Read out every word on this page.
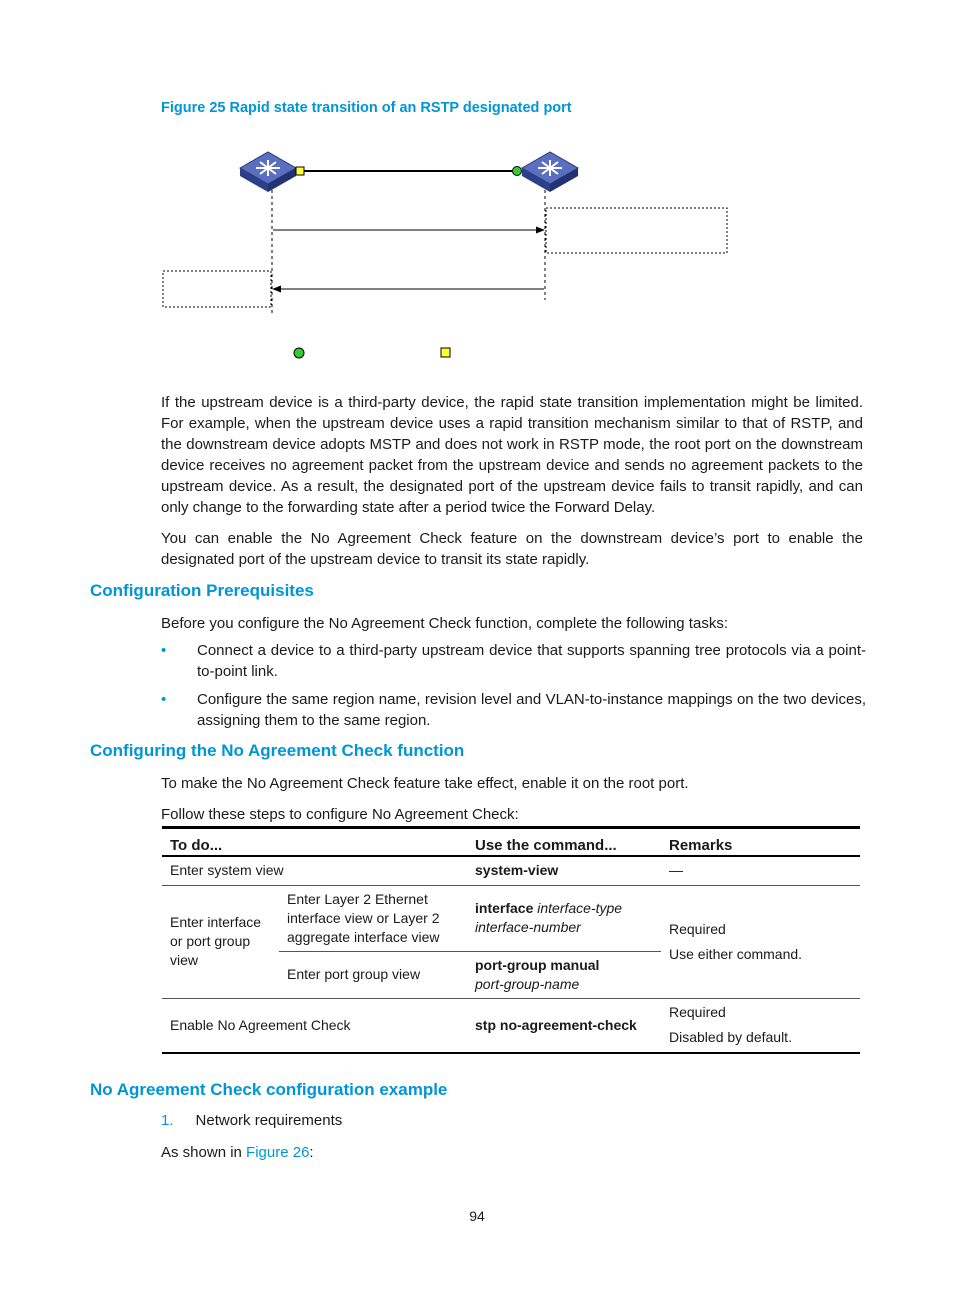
Figure 25 Rapid state transition of an RSTP designated port

If the upstream device is a third-party device, the rapid state transition implementation might be limited. For example, when the upstream device uses a rapid transition mechanism similar to that of RSTP, and the downstream device adopts MSTP and does not work in RSTP mode, the root port on the downstream device receives no agreement packet from the upstream device and sends no agreement packets to the upstream device. As a result, the designated port of the upstream device fails to transit rapidly, and can only change to the forwarding state after a period twice the Forward Delay.

You can enable the No Agreement Check feature on the downstream device’s port to enable the designated port of the upstream device to transit its state rapidly.

Configuration Prerequisites
Before you configure the No Agreement Check function, complete the following tasks:
• Connect a device to a third-party upstream device that supports spanning tree protocols via a point-to-point link.
• Configure the same region name, revision level and VLAN-to-instance mappings on the two devices, assigning them to the same region.
Configuring the No Agreement Check function
To make the No Agreement Check feature take effect, enable it on the root port.
Follow these steps to configure No Agreement Check:
To do...		Use the command...	Remarks
Enter system view		system-view	—
Enter interface or port group view	Enter Layer 2 Ethernet interface view or Layer 2 aggregate interface view	interface interface-type interface-number	Required
Use either command.

	Enter port group view	port-group manual
port-group-name	

Enable No Agreement Check		stp no-agreement-check	Required
Disabled by default.
No Agreement Check configuration example
1. Network requirements
As shown in Figure 26:
94
